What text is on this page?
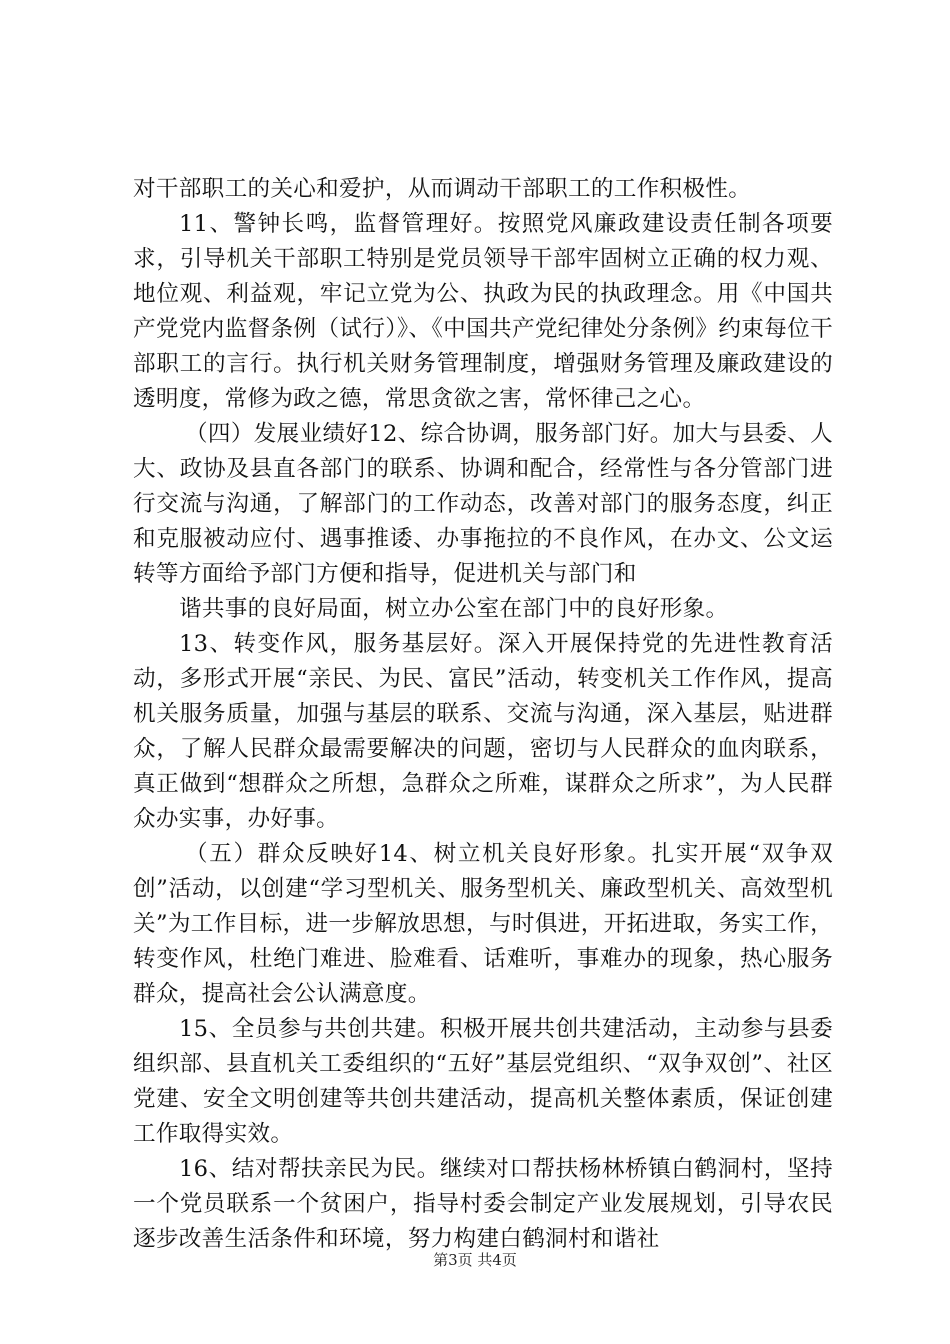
对干部职工的关心和爱护，从而调动干部职工的工作积极性。

11、警钟长鸣，监督管理好。按照党风廉政建设责任制各项要求，引导机关干部职工特别是党员领导干部牢固树立正确的权力观、地位观、利益观，牢记立党为公、执政为民的执政理念。用《中国共产党党内监督条例（试行）》、《中国共产党纪律处分条例》约束每位干部职工的言行。执行机关财务管理制度，增强财务管理及廉政建设的透明度，常修为政之德，常思贪欲之害，常怀律己之心。

（四）发展业绩好12、综合协调，服务部门好。加大与县委、人大、政协及县直各部门的联系、协调和配合，经常性与各分管部门进行交流与沟通，了解部门的工作动态，改善对部门的服务态度，纠正和克服被动应付、遇事推诿、办事拖拉的不良作风，在办文、公文运转等方面给予部门方便和指导，促进机关与部门和

谐共事的良好局面，树立办公室在部门中的良好形象。

13、转变作风，服务基层好。深入开展保持党的先进性教育活动，多形式开展“亲民、为民、富民”活动，转变机关工作作风，提高机关服务质量，加强与基层的联系、交流与沟通，深入基层，贴进群众，了解人民群众最需要解决的问题，密切与人民群众的血肉联系，真正做到“想群众之所想，急群众之所难，谋群众之所求”，为人民群众办实事，办好事。

（五）群众反映好14、树立机关良好形象。扎实开展“双争双创”活动，以创建“学习型机关、服务型机关、廉政型机关、高效型机关”为工作目标，进一步解放思想，与时俱进，开拓进取，务实工作，转变作风，杜绝门难进、脸难看、话难听，事难办的现象，热心服务群众，提高社会公认满意度。

15、全员参与共创共建。积极开展共创共建活动，主动参与县委组织部、县直机关工委组织的“五好”基层党组织、“双争双创”、社区党建、安全文明创建等共创共建活动，提高机关整体素质，保证创建工作取得实效。

16、结对帮扶亲民为民。继续对口帮扶杨林桥镇白鹤洞村，坚持一个党员联系一个贫困户，指导村委会制定产业发展规划，引导农民逐步改善生活条件和环境，努力构建白鹤洞村和谐社

第3页 共4页
